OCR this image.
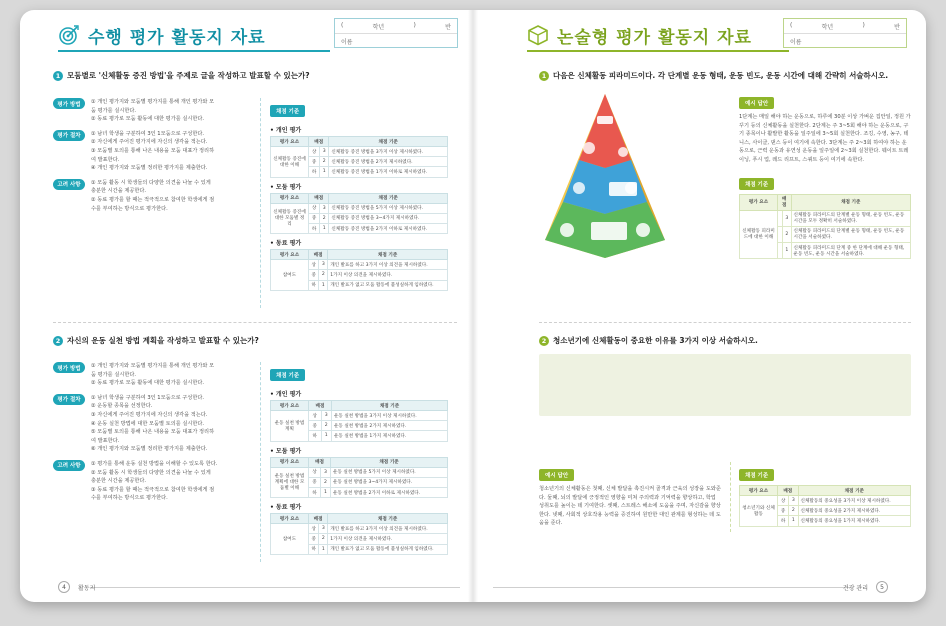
수행 평가 활동지 자료
(	학년	)	반
이름
1 모둠별로 '신체활동 증진 방법'을 주제로 글을 작성하고 발표할 수 있는가?
평가 방법	① 개인 평가지와 모둠별 평가지를 통해 개인 평가와 모
둠 평가를 실시한다.
② 동료 평가로 모둠 활동에 대한 평가를 실시한다.
평가 절차	① 남녀 학생을 구분하여 3인 1모둠으로 구성한다.
② 자신에게 주어진 평가지에 자신의 생각을 적는다.
③ 모둠별 토의를 통해 나온 내용을 모둠 대표가 정리하
여 발표한다.
④ 개인 평가지와 모둠별 정리한 평가지를 제출한다.
고려 사항	① 모둠 활동 시 학생들의 다양한 의견을 나눌 수 있게
충분한 시간을 제공한다.
② 동료 평가를 할 때는 적극적으로 참여한 학생에게 점
수를 부여하는 방식으로 평가한다.
채점 기준
• 개인 평가
평가 요소	배점		채점 기준
신체활동 증진에 대한 이해	상	3	신체활동 증진 방법을 3가지 이상 제시하였다.
	중	2	신체활동 증진 방법을 2가지 제시하였다.
	하	1	신체활동 증진 방법을 1가지 이하로 제시하였다.
• 모둠 평가
평가 요소	배점		채점 기준
신체활동 증진에 대한 모둠별 정리	상	3	신체활동 증진 방법을 5가지 이상 제시하였다.
	중	2	신체활동 증진 방법을 3~4가지 제시하였다.
	하	1	신체활동 증진 방법을 2가지 이하로 제시하였다.
• 동료 평가
평가 요소	배점		채점 기준
참여도	상	3	개인 발표를 하고 3가지 이상 의견을 제시하였다.
	중	2	1가지 이상 의견을 제시하였다.
	하	1	개인 발표가 없고 모둠 활동에 불성실하게 임하였다.
2 자신의 운동 실천 방법 계획을 작성하고 발표할 수 있는가?
평가 방법	① 개인 평가지와 모둠별 평가지를 통해 개인 평가와 모
둠 평가를 실시한다.
② 동료 평가로 모둠 활동에 대한 평가를 실시한다.
평가 절차	① 남녀 학생을 구분하여 3인 1모둠으로 구성한다.
② 운동할 종목을 선정한다.
③ 자신에게 주어진 평가지에 자신의 생각을 적는다.
④ 운동 실천 방법에 대한 모둠별 토의를 실시한다.
⑤ 모둠별 토의를 통해 나온 내용을 모둠 대표가 정리하
여 발표한다.
⑥ 개인 평가지와 모둠별 정리한 평가지를 제출한다.
고려 사항	① 평가를 통해 운동 실천 방법을 이해할 수 있도록 한다.
② 모둠 활동 시 학생들의 다양한 의견을 나눌 수 있게
충분한 시간을 제공한다.
③ 동료 평가를 할 때는 적극적으로 참여한 학생에게 점
수를 부여하는 방식으로 평가한다.
채점 기준
• 개인 평가
평가 요소	배점		채점 기준
운동 실천 방법 계획	상	3	운동 실천 방법을 3가지 이상 제시하였다.
	중	2	운동 실천 방법을 2가지 제시하였다.
	하	1	운동 실천 방법을 1가지 제시하였다.
• 모둠 평가
평가 요소	배점		채점 기준
운동 실천 방법 계획에 대한 모둠별 이해	상	3	운동 실천 방법을 5가지 이상 제시하였다.
	중	2	운동 실천 방법을 3~4가지 제시하였다.
	하	1	운동 실천 방법을 2가지 이하로 제시하였다.
• 동료 평가
평가 요소	배점		채점 기준
참여도	상	3	개인 발표를 하고 3가지 이상 의견을 제시하였다.
	중	2	1가지 이상 의견을 제시하였다.
	하	1	개인 발표가 없고 모둠 활동에 불성실하게 임하였다.
4	활동지
논술형 평가 활동지 자료
(	학년	)	반
이름
1 다음은 신체활동 피라미드이다. 각 단계별 운동 형태, 운동 빈도, 운동 시간에 대해 간략히 서술하시오.
예시 답안
1단계는 매일 해야 하는 운동으로, 하루에 30분 이상 가벼운 집안일, 정원 가꾸기 등의 신체활동을 실천한다. 2단계는 주 3~5회 해야 하는 운동으로, 구기 종목이나 활발한 활동을 일주일에 3~5회 실천한다. 조깅, 수영, 농구, 테니스, 사이클, 댄스 등이 여기에 속한다. 3단계는 주 2~3회 하여야 하는 운동으로, 근력 운동과 유연성 운동을 일주일에 2~3회 실천한다. 웨이트 트레이닝, 푸시 업, 레드 리프트, 스쿼트 등이 여기에 속한다.
채점 기준
평가 요소	배점		채점 기준
신체활동 피라미드에 대한 이해		3	신체활동 피라미드의 단계별 운동 형태, 운동 빈도, 운동 시간을 모두 정확히 서술하였다.
		2	신체활동 피라미드의 단계별 운동 형태, 운동 빈도, 운동 시간을 서술하였다.
		1	신체활동 피라미드의 단계 중 한 단계에 대해 운동 형태, 운동 빈도, 운동 시간을 서술하였다.
2 청소년기에 신체활동이 중요한 이유를 3가지 이상 서술하시오.
예시 답안
청소년기의 신체활동은 첫째, 신체 발달을 촉진시켜 골격과 근육의 성장을 도와준다. 둘째, 뇌의 발달에 긍정적인 영향을 미쳐 주의력과 기억력을 향상하고, 학업 성취도를 높이는 데 기여한다. 셋째, 스트레스 해소에 도움을 주며, 자신감을 향상한다. 넷째, 사회적 상호작용 능력을 증진하여 원만한 대인 관계를 형성하는 데 도움을 준다.
채점 기준
평가 요소	배점		채점 기준
청소년기와 신체활동	상	3	신체활동의 중요성을 3가지 이상 제시하였다.
	중	2	신체활동의 중요성을 2가지 제시하였다.
	하	1	신체활동의 중요성을 1가지 제시하였다.
건강 관리	5
